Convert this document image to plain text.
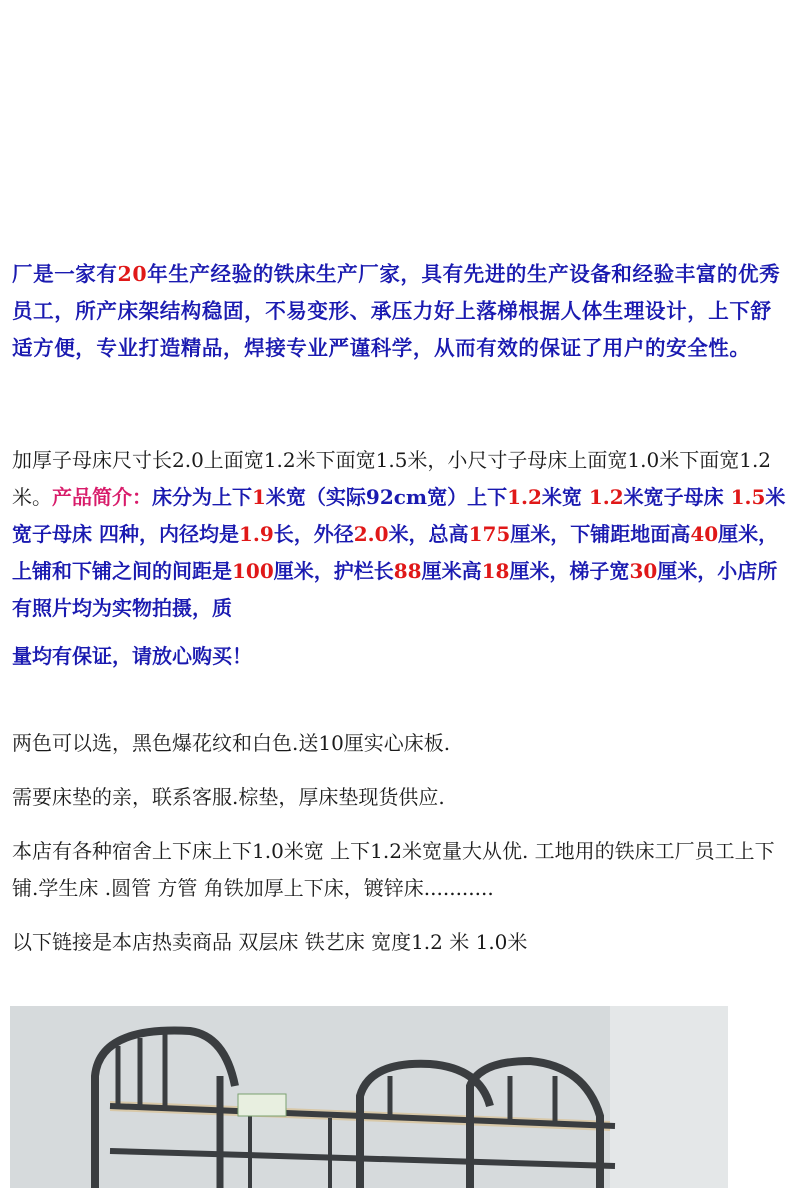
厂是一家有20年生产经验的铁床生产厂家，具有先进的生产设备和经验丰富的优秀员工，所产床架结构稳固，不易变形、承压力好上落梯根据人体生理设计，上下舒适方便，专业打造精品，焊接专业严谨科学，从而有效的保证了用户的安全性。
加厚子母床尺寸长2.0上面宽1.2米下面宽1.5米，小尺寸子母床上面宽1.0米下面宽1.2米。产品简介：床分为上下1米宽（实际92cm宽）上下1.2米宽 1.2米宽子母床 1.5米宽子母床 四种，内径均是1.9长，外径2.0米，总高175厘米，下铺距地面高40厘米，上铺和下铺之间的间距是100厘米，护栏长88厘米高18厘米，梯子宽30厘米，小店所有照片均为实物拍摄，质
量均有保证，请放心购买！
两色可以选，黑色爆花纹和白色.送10厘实心床板.
需要床垫的亲，联系客服.棕垫，厚床垫现货供应.
本店有各种宿舍上下床上下1.0米宽 上下1.2米宽量大从优. 工地用的铁床工厂员工上下铺.学生床 .圆管 方管 角铁加厚上下床，镀锌床...........
以下链接是本店热卖商品 双层床 铁艺床 宽度1.2 米 1.0米
